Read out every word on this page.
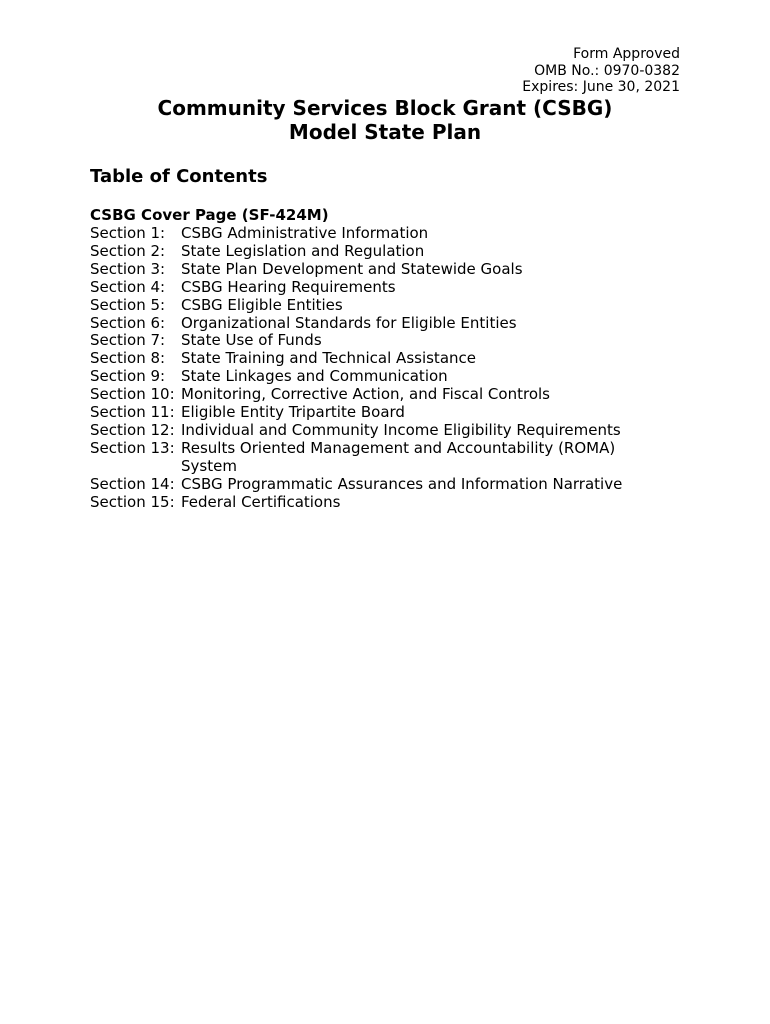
Form Approved
OMB No.: 0970-0382
Expires: June 30, 2021
Community Services Block Grant (CSBG)
Model State Plan
Table of Contents
CSBG Cover Page (SF-424M)
Section 1:	CSBG Administrative Information
Section 2:	State Legislation and Regulation
Section 3:	State Plan Development and Statewide Goals
Section 4:	CSBG Hearing Requirements
Section 5:	CSBG Eligible Entities
Section 6:	Organizational Standards for Eligible Entities
Section 7:	State Use of Funds
Section 8:	State Training and Technical Assistance
Section 9:	State Linkages and Communication
Section 10: Monitoring, Corrective Action, and Fiscal Controls
Section 11: Eligible Entity Tripartite Board
Section 12: Individual and Community Income Eligibility Requirements
Section 13: Results Oriented Management and Accountability (ROMA) System
Section 14: CSBG Programmatic Assurances and Information Narrative
Section 15: Federal Certifications
